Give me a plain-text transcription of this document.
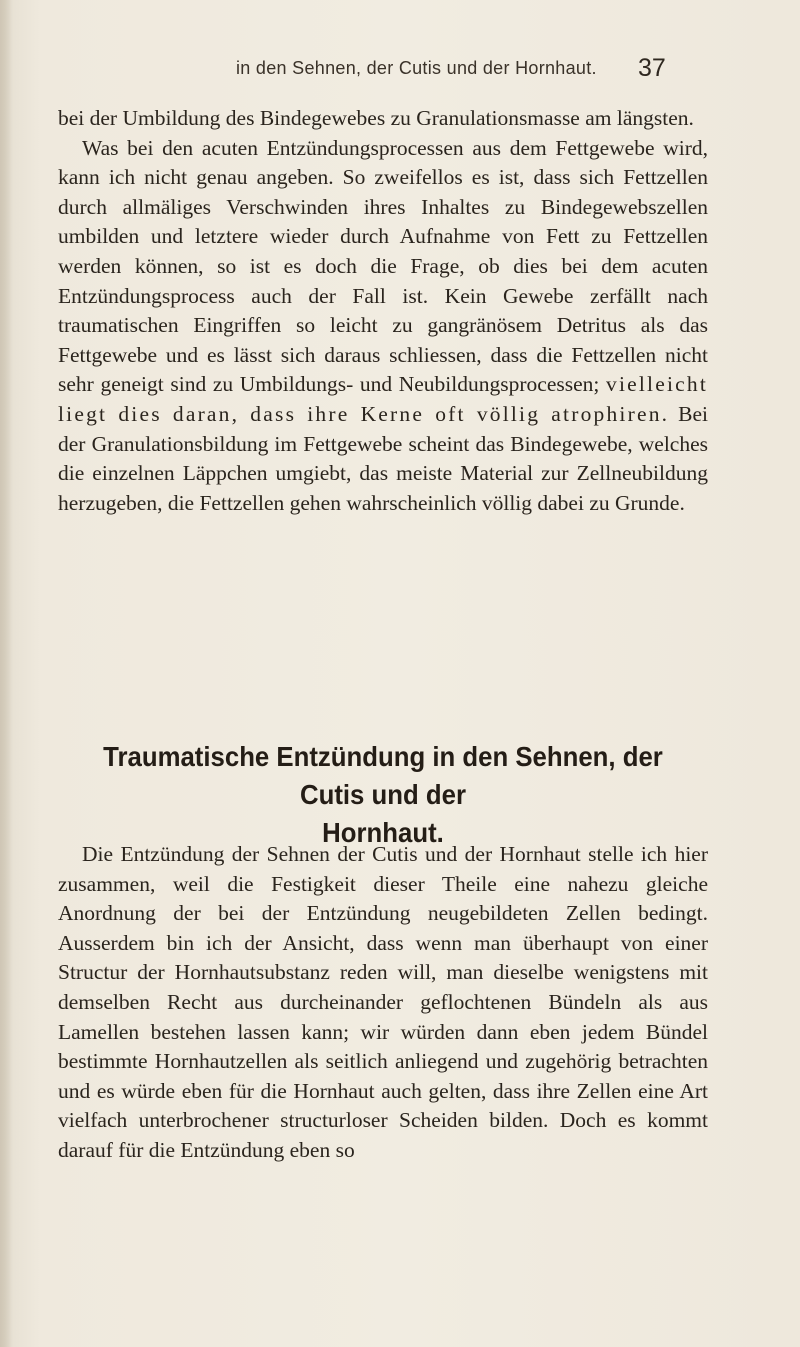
in den Sehnen, der Cutis und der Hornhaut. 37

bei der Umbildung des Bindegewebes zu Granulationsmasse am längsten.

Was bei den acuten Entzündungsprocessen aus dem Fettgewebe wird, kann ich nicht genau angeben. So zweifellos es ist, dass sich Fettzellen durch allmäliges Verschwinden ihres Inhaltes zu Bindegewebszellen umbilden und letztere wieder durch Aufnahme von Fett zu Fettzellen werden können, so ist es doch die Frage, ob dies bei dem acuten Entzündungsprocess auch der Fall ist. Kein Gewebe zerfällt nach traumatischen Eingriffen so leicht zu gangränösem Detritus als das Fettgewebe und es lässt sich daraus schliessen, dass die Fettzellen nicht sehr geneigt sind zu Umbildungs- und Neubildungsprocessen; vielleicht liegt dies daran, dass ihre Kerne oft völlig atrophiren. Bei der Granulationsbildung im Fettgewebe scheint das Bindegewebe, welches die einzelnen Läppchen umgiebt, das meiste Material zur Zellneubildung herzugeben, die Fettzellen gehen wahrscheinlich völlig dabei zu Grunde.

Traumatische Entzündung in den Sehnen, der Cutis und der
Hornhaut.

Die Entzündung der Sehnen der Cutis und der Hornhaut stelle ich hier zusammen, weil die Festigkeit dieser Theile eine nahezu gleiche Anordnung der bei der Entzündung neugebildeten Zellen bedingt. Ausserdem bin ich der Ansicht, dass wenn man überhaupt von einer Structur der Hornhautsubstanz reden will, man dieselbe wenigstens mit demselben Recht aus durcheinander geflochtenen Bündeln als aus Lamellen bestehen lassen kann; wir würden dann eben jedem Bündel bestimmte Hornhautzellen als seitlich anliegend und zugehörig betrachten und es würde eben für die Hornhaut auch gelten, dass ihre Zellen eine Art vielfach unterbrochener structurloser Scheiden bilden. Doch es kommt darauf für die Entzündung eben so
